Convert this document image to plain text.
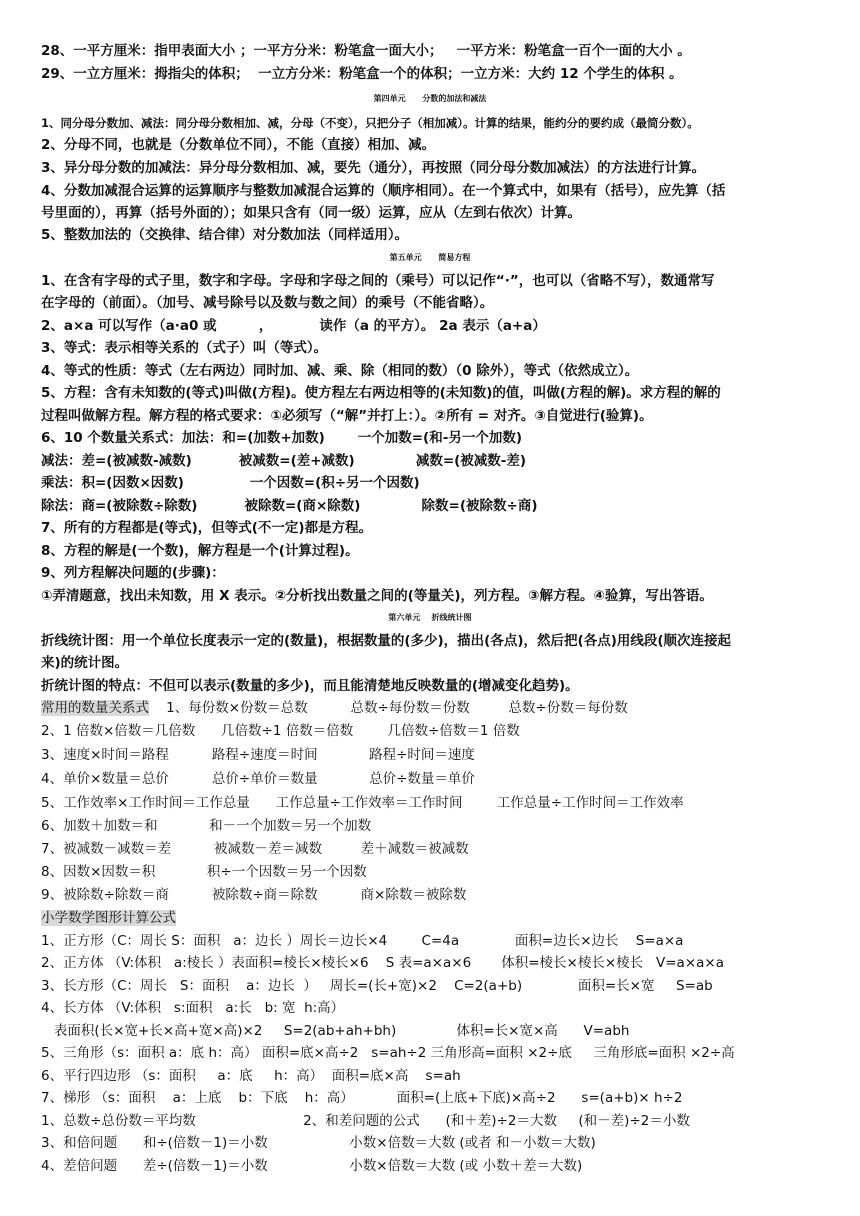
28、一平方厘米：指甲表面大小 ；一平方分米：粉笔盒一面大小；   一平方米：粉笔盒一百个一面的大小 。
29、一立方厘米：拇指尖的体积；  一立方分米：粉笔盒一个的体积；一立方米：大约 12 个学生的体积 。
第四单元      分数的加法和减法
1、同分母分数加、减法：同分母分数相加、减，分母（不变），只把分子（相加减）。计算的结果，能约分的要约成（最简分数）。
2、分母不同，也就是（分数单位不同），不能（直接）相加、减。
3、异分母分数的加减法：异分母分数相加、减，要先（通分），再按照（同分母分数加减法）的方法进行计算。
4、分数加减混合运算的运算顺序与整数加减混合运算的（顺序相同）。在一个算式中，如果有（括号），应先算（括
号里面的），再算（括号外面的）；如果只含有（同一级）运算，应从（左到右依次）计算。
5、整数加法的（交换律、结合律）对分数加法（同样适用）。
第五单元      简易方程
1、在含有字母的式子里，数字和字母。字母和字母之间的（乘号）可以记作“·”，也可以（省略不写），数通常写
在字母的（前面）。（加号、减号除号以及数与数之间）的乘号（不能省略）。
2、a×a 可以写作（a·a0 或         ，          读作（a 的平方）。 2a 表示（a+a）
3、等式：表示相等关系的（式子）叫（等式）。
4、等式的性质：等式（左右两边）同时加、减、乘、除（相同的数）（0 除外），等式（依然成立）。
5、方程：含有未知数的(等式)叫做(方程)。使方程左右两边相等的(未知数)的值，叫做(方程的解)。求方程的解的
过程叫做解方程。解方程的格式要求：①必须写（“解”并打上：）。②所有 = 对齐。③自觉进行(验算)。
6、10 个数量关系式：加法：和=(加数+加数)       一个加数=(和-另一个加数)
减法：差=(被减数-减数)          被减数=(差+减数)             减数=(被减数-差)
乘法：积=(因数×因数)              一个因数=(积÷另一个因数)
除法：商=(被除数÷除数)          被除数=(商×除数)             除数=(被除数÷商)
7、所有的方程都是(等式)，但等式(不一定)都是方程。
8、方程的解是(一个数)，解方程是一个(计算过程)。
9、列方程解决问题的(步骤)：
①弄清题意，找出未知数，用 X 表示。②分析找出数量之间的(等量关)，列方程。③解方程。④验算，写出答语。
第六单元    折线统计图
折线统计图：用一个单位长度表示一定的(数量)，根据数量的(多少)，描出(各点)，然后把(各点)用线段(顺次连接起
来)的统计图。
折统计图的特点：不但可以表示(数量的多少)，而且能清楚地反映数量的(增减变化趋势)。
常用的数量关系式 1、每份数×份数＝总数          总数÷每份数＝份数         总数÷份数＝每份数
2、1 倍数×倍数＝几倍数      几倍数÷1 倍数＝倍数        几倍数÷倍数＝1 倍数
3、速度×时间＝路程          路程÷速度＝时间            路程÷时间＝速度
4、单价×数量＝总价          总价÷单价＝数量            总价÷数量＝单价
5、工作效率×工作时间＝工作总量      工作总量÷工作效率＝工作时间        工作总量÷工作时间＝工作效率
6、加数＋加数＝和            和－一个加数＝另一个加数
7、被减数－减数＝差          被减数－差＝减数         差＋减数＝被减数
8、因数×因数＝积            积÷一个因数＝另一个因数
9、被除数÷除数＝商          被除数÷商＝除数          商×除数＝被除数
小学数学图形计算公式
1、正方形（C：周长 S：面积   a：边长 ）周长＝边长×4        C=4a             面积=边长×边长    S=a×a
2、正方体 （V:体积   a:棱长 ）表面积=棱长×棱长×6    S 表=a×a×6       体积=棱长×棱长×棱长   V=a×a×a
3、长方形（C：周长   S：面积    a：边长  ）   周长=(长+宽)×2    C=2(a+b)             面积=长×宽     S=ab
4、长方体 （V:体积   s:面积   a:长   b: 宽  h:高）
表面积(长×宽+长×高+宽×高)×2     S=2(ab+ah+bh)              体积=长×宽×高      V=abh
5、三角形（s：面积 a：底 h：高） 面积=底×高÷2   s=ah÷2 三角形高=面积 ×2÷底     三角形底=面积 ×2÷高
6、平行四边形 （s：面积     a：底     h：高）  面积=底×高    s=ah
7、梯形 （s：面积    a：上底    b：下底    h：高）          面积=(上底+下底)×高÷2      s=(a+b)× h÷2
1、总数÷总份数＝平均数                         2、和差问题的公式      (和＋差)÷2＝大数     (和－差)÷2＝小数
3、和倍问题      和÷(倍数－1)＝小数                   小数×倍数＝大数 (或者 和－小数＝大数)
4、差倍问题      差÷(倍数－1)＝小数                   小数×倍数＝大数 (或 小数＋差＝大数)
